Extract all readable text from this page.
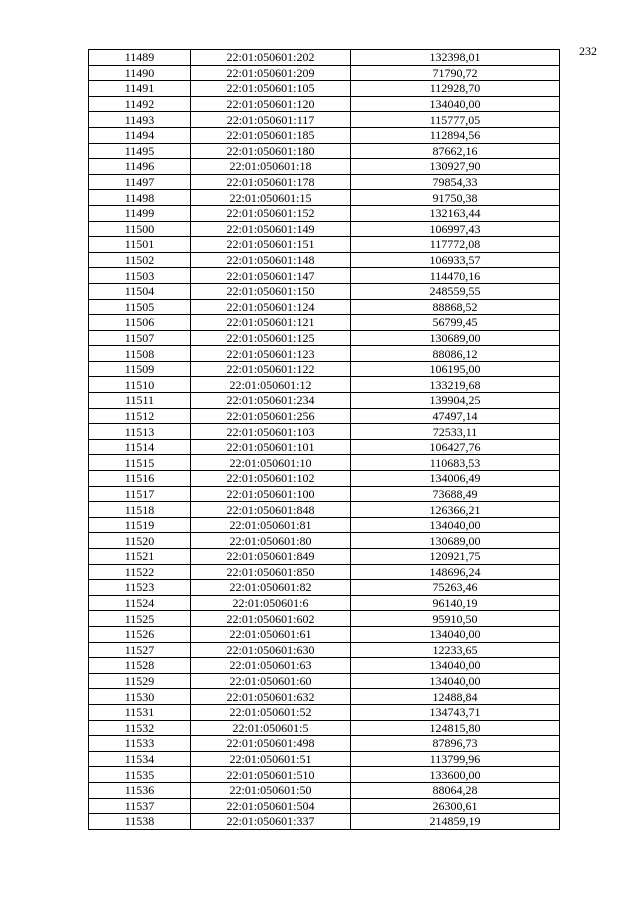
232
11489	22:01:050601:202	132398,01
11490	22:01:050601:209	71790,72
11491	22:01:050601:105	112928,70
11492	22:01:050601:120	134040,00
11493	22:01:050601:117	115777,05
11494	22:01:050601:185	112894,56
11495	22:01:050601:180	87662,16
11496	22:01:050601:18	130927,90
11497	22:01:050601:178	79854,33
11498	22:01:050601:15	91750,38
11499	22:01:050601:152	132163,44
11500	22:01:050601:149	106997,43
11501	22:01:050601:151	117772,08
11502	22:01:050601:148	106933,57
11503	22:01:050601:147	114470,16
11504	22:01:050601:150	248559,55
11505	22:01:050601:124	88868,52
11506	22:01:050601:121	56799,45
11507	22:01:050601:125	130689,00
11508	22:01:050601:123	88086,12
11509	22:01:050601:122	106195,00
11510	22:01:050601:12	133219,68
11511	22:01:050601:234	139904,25
11512	22:01:050601:256	47497,14
11513	22:01:050601:103	72533,11
11514	22:01:050601:101	106427,76
11515	22:01:050601:10	110683,53
11516	22:01:050601:102	134006,49
11517	22:01:050601:100	73688,49
11518	22:01:050601:848	126366,21
11519	22:01:050601:81	134040,00
11520	22:01:050601:80	130689,00
11521	22:01:050601:849	120921,75
11522	22:01:050601:850	148696,24
11523	22:01:050601:82	75263,46
11524	22:01:050601:6	96140,19
11525	22:01:050601:602	95910,50
11526	22:01:050601:61	134040,00
11527	22:01:050601:630	12233,65
11528	22:01:050601:63	134040,00
11529	22:01:050601:60	134040,00
11530	22:01:050601:632	12488,84
11531	22:01:050601:52	134743,71
11532	22:01:050601:5	124815,80
11533	22:01:050601:498	87896,73
11534	22:01:050601:51	113799,96
11535	22:01:050601:510	133600,00
11536	22:01:050601:50	88064,28
11537	22:01:050601:504	26300,61
11538	22:01:050601:337	214859,19
